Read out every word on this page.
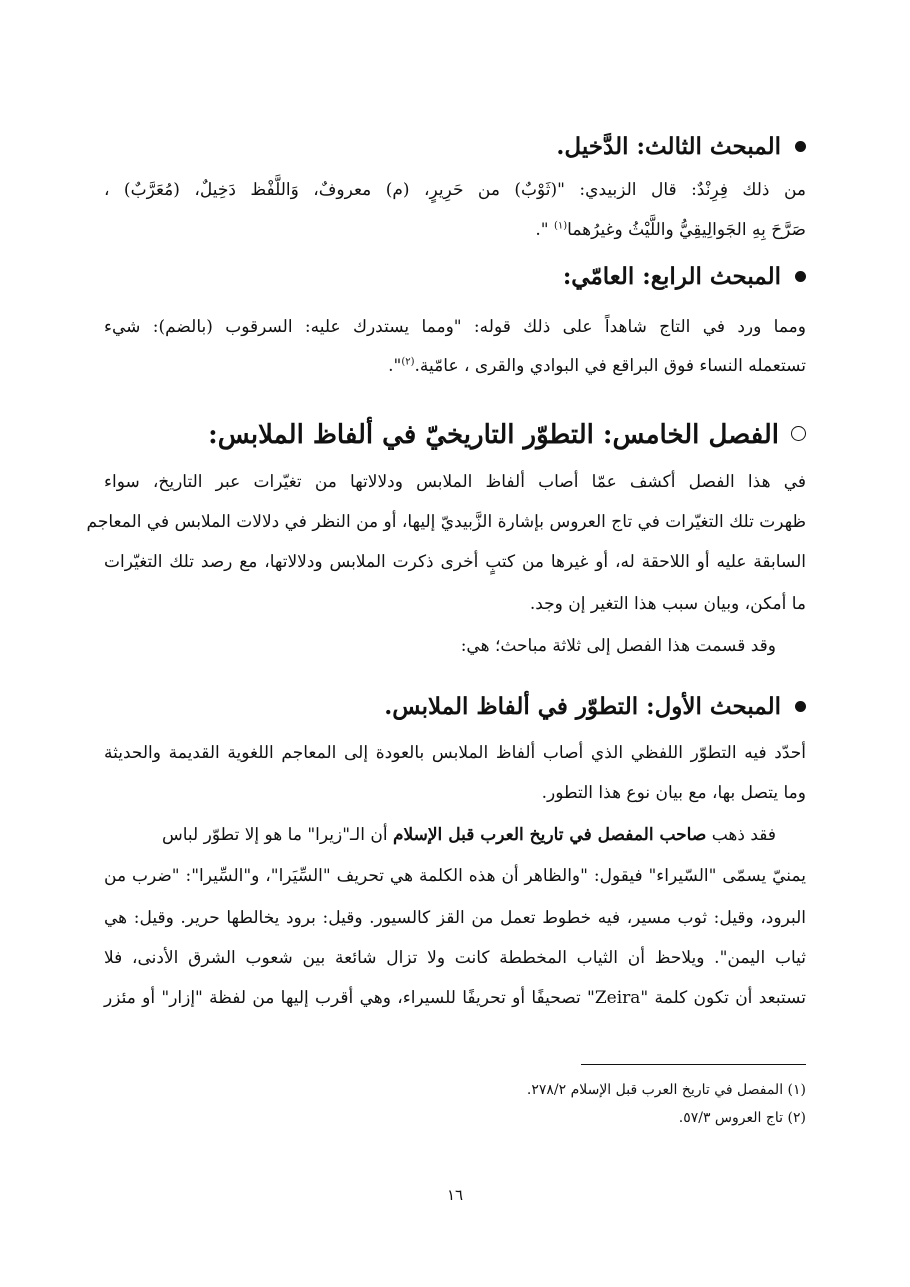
المبحث الثالث: الدَّخيل.
من ذلك فِرِنْدٌ: قال الزبيدي: "(ثَوْبٌ) من حَرِيرٍ، (م) معروفٌ، وَاللَّفْظ دَخِيلٌ، (مُعَرَّبٌ) ،
صَرَّحَ بِهِ الجَوالِيقِيُّ واللَّيْثُ وغيرُهما$^{(١)}$ ".
المبحث الرابع: العامّي:
ومما ورد في التاج شاهداً على ذلك قوله: "ومما يستدرك عليه: السرقوب (بالضم): شيء
تستعمله النساء فوق البراقع في البوادي والقرى ، عامّية.$^{(٢)}$".
الفصل الخامس: التطوّر التاريخيّ في ألفاظ الملابس:
في هذا الفصل أكشف عمّا أصاب ألفاظ الملابس ودلالاتها من تغيّرات عبر التاريخ، سواء
ظهرت تلك التغيّرات في تاج العروس بإشارة الزَّبيديّ إليها، أو من النظر في دلالات الملابس في المعاجم
السابقة عليه أو اللاحقة له، أو غيرها من كتبٍ أخرى ذكرت الملابس ودلالاتها، مع رصد تلك التغيّرات
ما أمكن، وبيان سبب هذا التغير إن وجد.
وقد قسمت هذا الفصل إلى ثلاثة مباحث؛ هي:
المبحث الأول: التطوّر في ألفاظ الملابس.
أحدّد فيه التطوّر اللفظي الذي أصاب ألفاظ الملابس بالعودة إلى المعاجم اللغوية القديمة والحديثة
وما يتصل بها، مع بيان نوع هذا التطور.
فقد ذهب صاحب المفصل في تاريخ العرب قبل الإسلام أن الـ"زيرا" ما هو إلا تطوّر لباس
يمنيّ يسمّى "السّيراء" فيقول: "والظاهر أن هذه الكلمة هي تحريف "السِّيَرا"، و"السِّيرا": "ضرب من
البرود، وقيل: ثوب مسير، فيه خطوط تعمل من القز كالسيور. وقيل: برود يخالطها حرير. وقيل: هي
ثياب اليمن". ويلاحظ أن الثياب المخططة كانت ولا تزال شائعة بين شعوب الشرق الأدنى، فلا
تستبعد أن تكون كلمة "Zeira" تصحيفًا أو تحريفًا للسيراء، وهي أقرب إليها من لفظة "إزار" أو مئزر
(١) المفصل في تاريخ العرب قبل الإسلام ٢٧٨/٢.
(٢) تاج العروس ٥٧/٣.
١٦
